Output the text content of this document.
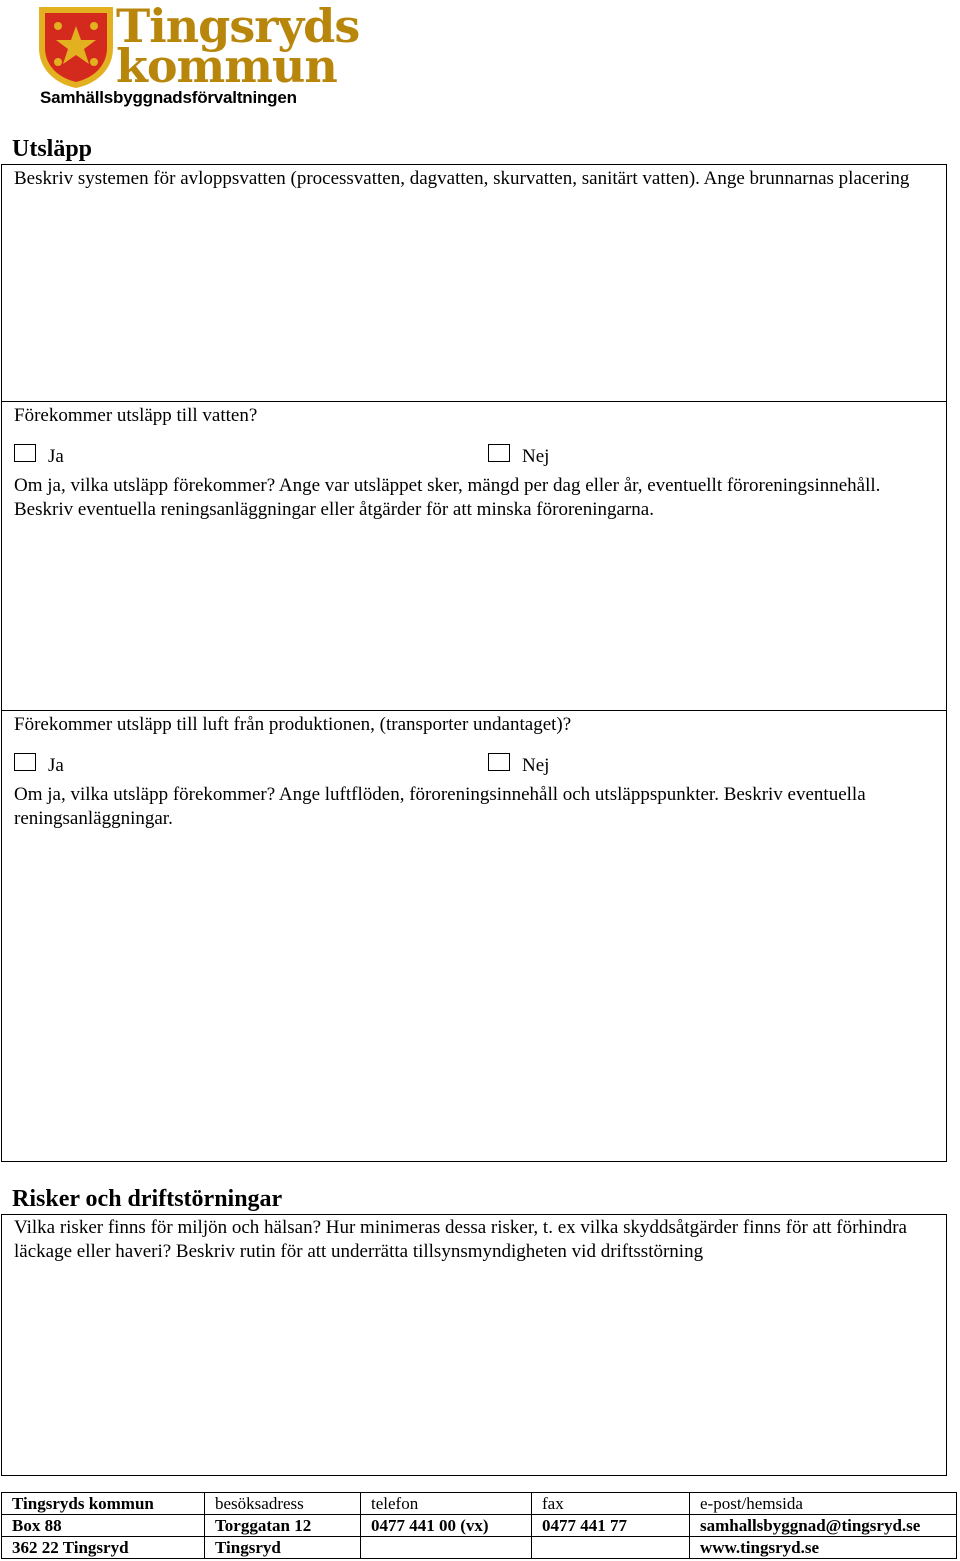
Tingsryds
kommun
Samhällsbyggnadsförvaltningen
Utsläpp
Beskriv systemen för avloppsvatten (processvatten, dagvatten, skurvatten, sanitärt vatten). Ange brunnarnas placering
Förekommer utsläpp till vatten?
Ja	Nej
Om ja, vilka utsläpp förekommer? Ange var utsläppet sker, mängd per dag eller år, eventuellt föroreningsinnehåll. Beskriv eventuella reningsanläggningar eller åtgärder för att minska föroreningarna.
Förekommer utsläpp till luft från produktionen, (transporter undantaget)?
Ja	Nej
Om ja, vilka utsläpp förekommer? Ange luftflöden, föroreningsinnehåll och utsläppspunkter. Beskriv eventuella reningsanläggningar.
Risker och driftstörningar
Vilka risker finns för miljön och hälsan? Hur minimeras dessa risker, t. ex vilka skyddsåtgärder finns för att förhindra läckage eller haveri? Beskriv rutin för att underrätta tillsynsmyndigheten vid driftsstörning
Tingsryds kommun	besöksadress	telefon	fax	e-post/hemsida
Box 88	Torggatan 12	0477 441 00 (vx)	0477 441 77	samhallsbyggnad@tingsryd.se
362 22 Tingsryd	Tingsryd			www.tingsryd.se
